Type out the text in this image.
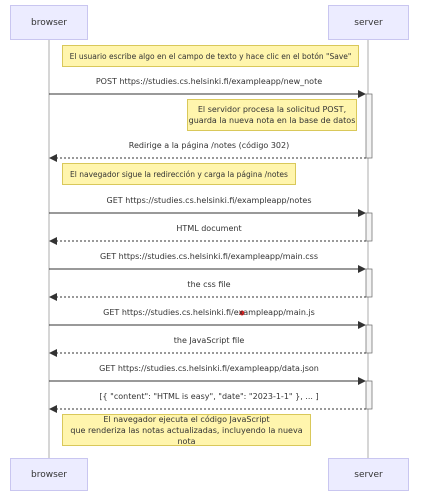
browser	server
browser	server
El usuario escribe algo en el campo de texto y hace clic en el botón "Save"
El servidor procesa la solicitud POST,
guarda la nueva nota en la base de datos
El navegador sigue la redirección y carga la página /notes
El navegador ejecuta el código JavaScript
que renderiza las notas actualizadas, incluyendo la nueva nota
POST https://studies.cs.helsinki.fi/exampleapp/new_note
Redirige a la página /notes (código 302)
GET https://studies.cs.helsinki.fi/exampleapp/notes
HTML document
GET https://studies.cs.helsinki.fi/exampleapp/main.css
the css file
GET https://studies.cs.helsinki.fi/exampleapp/main.js
the JavaScript file
GET https://studies.cs.helsinki.fi/exampleapp/data.json
[{ "content": "HTML is easy", "date": "2023-1-1" }, ... ]
